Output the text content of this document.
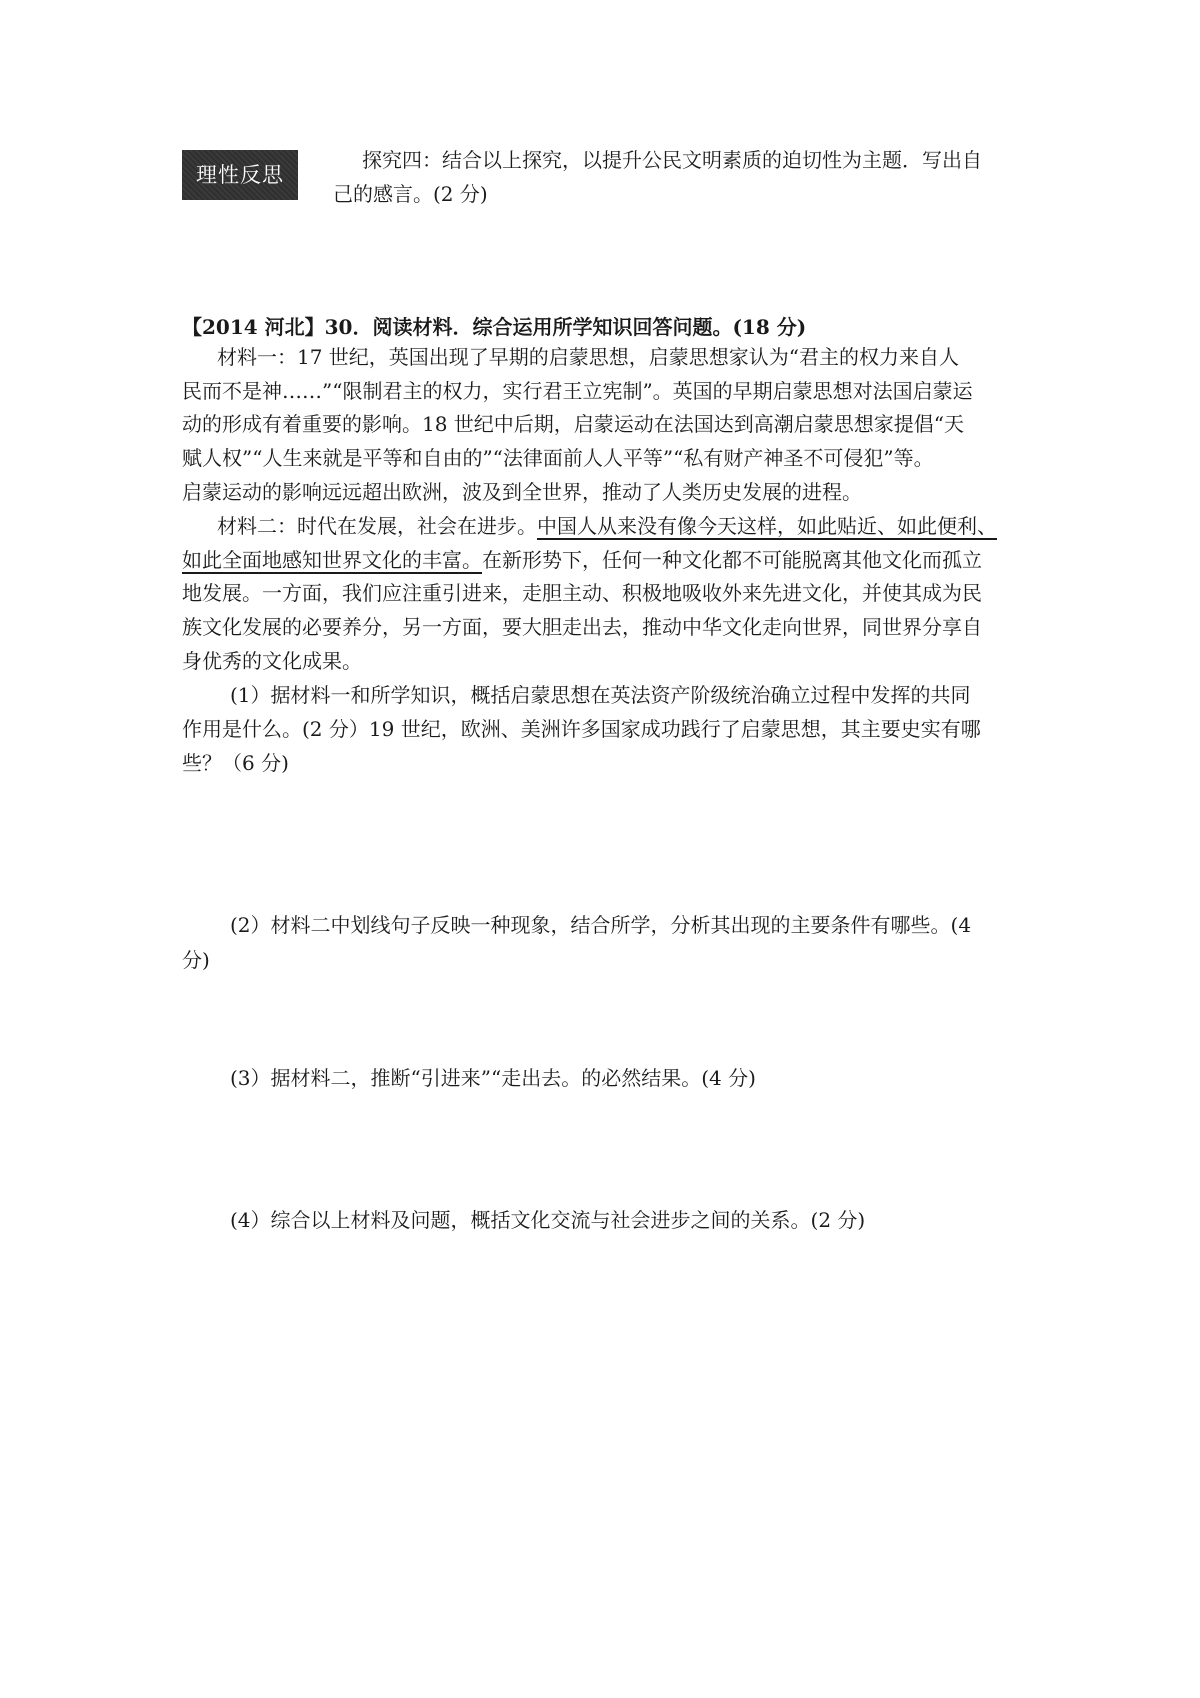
理性反思
探究四：结合以上探究，以提升公民文明素质的迫切性为主题．写出自
己的感言。(2 分)
【2014 河北】30．阅读材料．综合运用所学知识回答问题。(18 分)
材料一：17 世纪，英国出现了早期的启蒙思想，启蒙思想家认为“君主的权力来自人
民而不是神……”“限制君主的权力，实行君王立宪制”。英国的早期启蒙思想对法国启蒙运
动的形成有着重要的影响。18 世纪中后期，启蒙运动在法国达到高潮启蒙思想家提倡“天
赋人权”“人生来就是平等和自由的”“法律面前人人平等”“私有财产神圣不可侵犯”等。
启蒙运动的影响远远超出欧洲，波及到全世界，推动了人类历史发展的进程。
材料二：时代在发展，社会在进步。中国人从来没有像今天这样，如此贴近、如此便利、
如此全面地感知世界文化的丰富。在新形势下，任何一种文化都不可能脱离其他文化而孤立
地发展。一方面，我们应注重引进来，走胆主动、积极地吸收外来先进文化，并使其成为民
族文化发展的必要养分，另一方面，要大胆走出去，推动中华文化走向世界，同世界分享自
身优秀的文化成果。
(1）据材料一和所学知识，概括启蒙思想在英法资产阶级统治确立过程中发挥的共同
作用是什么。(2 分）19 世纪，欧洲、美洲许多国家成功践行了启蒙思想，其主要史实有哪
些？（6 分)
(2）材料二中划线句子反映一种现象，结合所学，分析其出现的主要条件有哪些。(4
分)
(3）据材料二，推断“引进来”“走出去。的必然结果。(4 分)
(4）综合以上材料及问题，概括文化交流与社会进步之间的关系。(2 分)
